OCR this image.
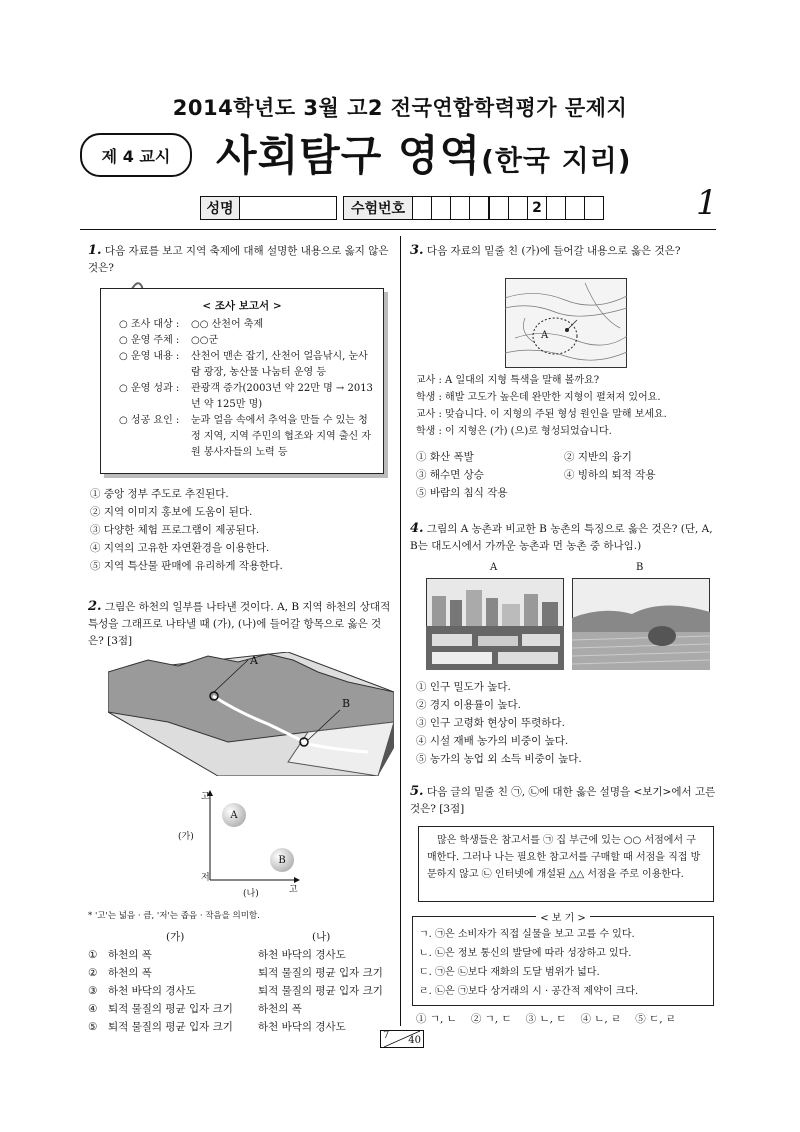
2014학년도 3월 고2 전국연합학력평가 문제지
제 4 교시	사회탐구 영역(한국 지리)
성명	수험번호	2	1
1. 다음 자료를 보고 지역 축제에 대해 설명한 내용으로 옳지 않은 것은?
< 조사 보고서 >
○ 조사 대상 :	○○ 산천어 축제
○ 운영 주체 :	○○군
○ 운영 내용 :	산천어 맨손 잡기, 산천어 얼음낚시, 눈사람 광장, 농산물 나눔터 운영 등
○ 운영 성과 :	관광객 증가(2003년 약 22만 명 → 2013년 약 125만 명)
○ 성공 요인 :	눈과 얼음 속에서 추억을 만들 수 있는 청정 지역, 지역 주민의 협조와 지역 출신 자원 봉사자들의 노력 등
① 중앙 정부 주도로 추진된다.
② 지역 이미지 홍보에 도움이 된다.
③ 다양한 체험 프로그램이 제공된다.
④ 지역의 고유한 자연환경을 이용한다.
⑤ 지역 특산물 판매에 유리하게 작용한다.
2. 그림은 하천의 일부를 나타낸 것이다. A, B 지역 하천의 상대적 특성을 그래프로 나타낼 때 (가), (나)에 들어갈 항목으로 옳은 것은? [3점]
A
B
고
저
고
(가)
(나)
A
B
* '고'는 넓음 · 큼, '저'는 좁음 · 작음을 의미함.
(가)	(나)
①	하천의 폭	하천 바닥의 경사도
②	하천의 폭	퇴적 물질의 평균 입자 크기
③	하천 바닥의 경사도	퇴적 물질의 평균 입자 크기
④	퇴적 물질의 평균 입자 크기	하천의 폭
⑤	퇴적 물질의 평균 입자 크기	하천 바닥의 경사도
3. 다음 자료의 밑줄 친 (가)에 들어갈 내용으로 옳은 것은?
A
교사 : A 일대의 지형 특색을 말해 볼까요?
학생 : 해발 고도가 높은데 완만한 지형이 펼쳐져 있어요.
교사 : 맞습니다. 이 지형의 주된 형성 원인을 말해 보세요.
학생 : 이 지형은 (가) (으)로 형성되었습니다.
① 화산 폭발	② 지반의 융기
③ 해수면 상승	④ 빙하의 퇴적 작용
⑤ 바람의 침식 작용
4. 그림의 A 농촌과 비교한 B 농촌의 특징으로 옳은 것은? (단, A, B는 대도시에서 가까운 농촌과 먼 농촌 중 하나임.)
A	B
① 인구 밀도가 높다.
② 경지 이용률이 높다.
③ 인구 고령화 현상이 뚜렷하다.
④ 시설 재배 농가의 비중이 높다.
⑤ 농가의 농업 외 소득 비중이 높다.
5. 다음 글의 밑줄 친 ㉠, ㉡에 대한 옳은 설명을 <보기>에서 고른 것은? [3점]
많은 학생들은 참고서를 ㉠ 집 부근에 있는 ○○ 서점에서 구매한다. 그러나 나는 필요한 참고서를 구매할 때 서점을 직접 방문하지 않고 ㉡ 인터넷에 개설된 △△ 서점을 주로 이용한다.
< 보 기 >
ㄱ. ㉠은 소비자가 직접 실물을 보고 고를 수 있다.
ㄴ. ㉡은 정보 통신의 발달에 따라 성장하고 있다.
ㄷ. ㉠은 ㉡보다 재화의 도달 범위가 넓다.
ㄹ. ㉡은 ㉠보다 상거래의 시 · 공간적 제약이 크다.
① ㄱ, ㄴ ② ㄱ, ㄷ ③ ㄴ, ㄷ ④ ㄴ, ㄹ ⑤ ㄷ, ㄹ
7 40
